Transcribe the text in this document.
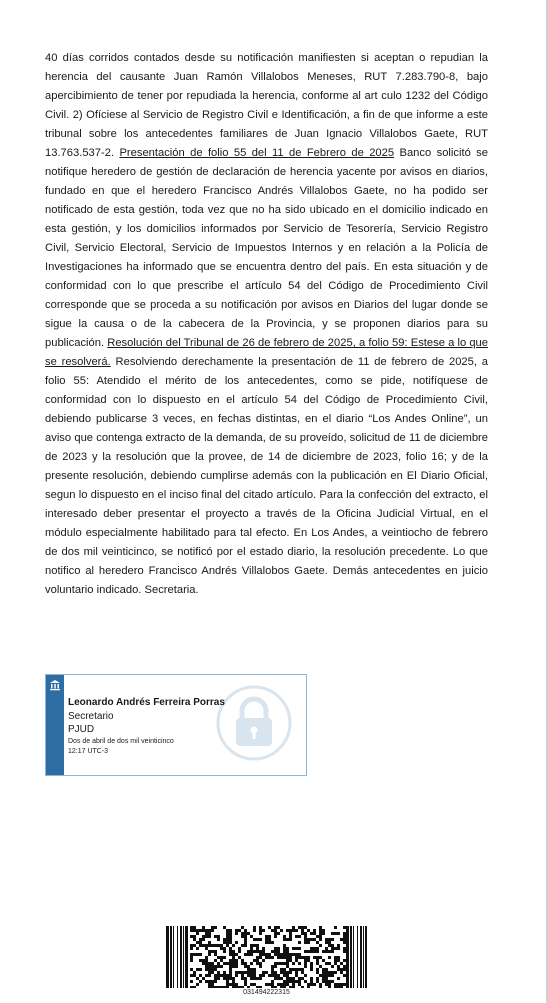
40 días corridos contados desde su notificación manifiesten si aceptan o repudian la herencia del causante Juan Ramón Villalobos Meneses, RUT 7.283.790-8, bajo apercibimiento de tener por repudiada la herencia, conforme al art culo 1232 del Código Civil. 2) Ofíciese al Servicio de Registro Civil e Identificación, a fin de que informe a este tribunal sobre los antecedentes familiares de Juan Ignacio Villalobos Gaete, RUT 13.763.537-2. Presentación de folio 55 del 11 de Febrero de 2025 Banco solicitó se notifique heredero de gestión de declaración de herencia yacente por avisos en diarios, fundado en que el heredero Francisco Andrés Villalobos Gaete, no ha podido ser notificado de esta gestión, toda vez que no ha sido ubicado en el domicilio indicado en esta gestión, y los domicilios informados por Servicio de Tesorería, Servicio Registro Civil, Servicio Electoral, Servicio de Impuestos Internos y en relación a la Policía de Investigaciones ha informado que se encuentra dentro del país. En esta situación y de conformidad con lo que prescribe el artículo 54 del Código de Procedimiento Civil corresponde que se proceda a su notificación por avisos en Diarios del lugar donde se sigue la causa o de la cabecera de la Provincia, y se proponen diarios para su publicación. Resolución del Tribunal de 26 de febrero de 2025, a folio 59: Estese a lo que se resolverá. Resolviendo derechamente la presentación de 11 de febrero de 2025, a folio 55: Atendido el mérito de los antecedentes, como se pide, notifíquese de conformidad con lo dispuesto en el artículo 54 del Código de Procedimiento Civil, debiendo publicarse 3 veces, en fechas distintas, en el diario “Los Andes Online”, un aviso que contenga extracto de la demanda, de su proveído, solicitud de 11 de diciembre de 2023 y la resolución que la provee, de 14 de diciembre de 2023, folio 16; y de la presente resolución, debiendo cumplirse además con la publicación en El Diario Oficial, segun lo dispuesto en el inciso final del citado artículo. Para la confección del extracto, el interesado deber presentar el proyecto a través de la Oficina Judicial Virtual, en el módulo especialmente habilitado para tal efecto. En Los Andes, a veintiocho de febrero de dos mil veinticinco, se notificó por el estado diario, la resolución precedente. Lo que notifico al heredero Francisco Andrés Villalobos Gaete. Demás antecedentes en juicio voluntario indicado. Secretaria.

Leonardo Andrés Ferreira Porras
Secretario
PJUD
Dos de abril de dos mil veinticinco
12:17 UTC-3
031494222315
